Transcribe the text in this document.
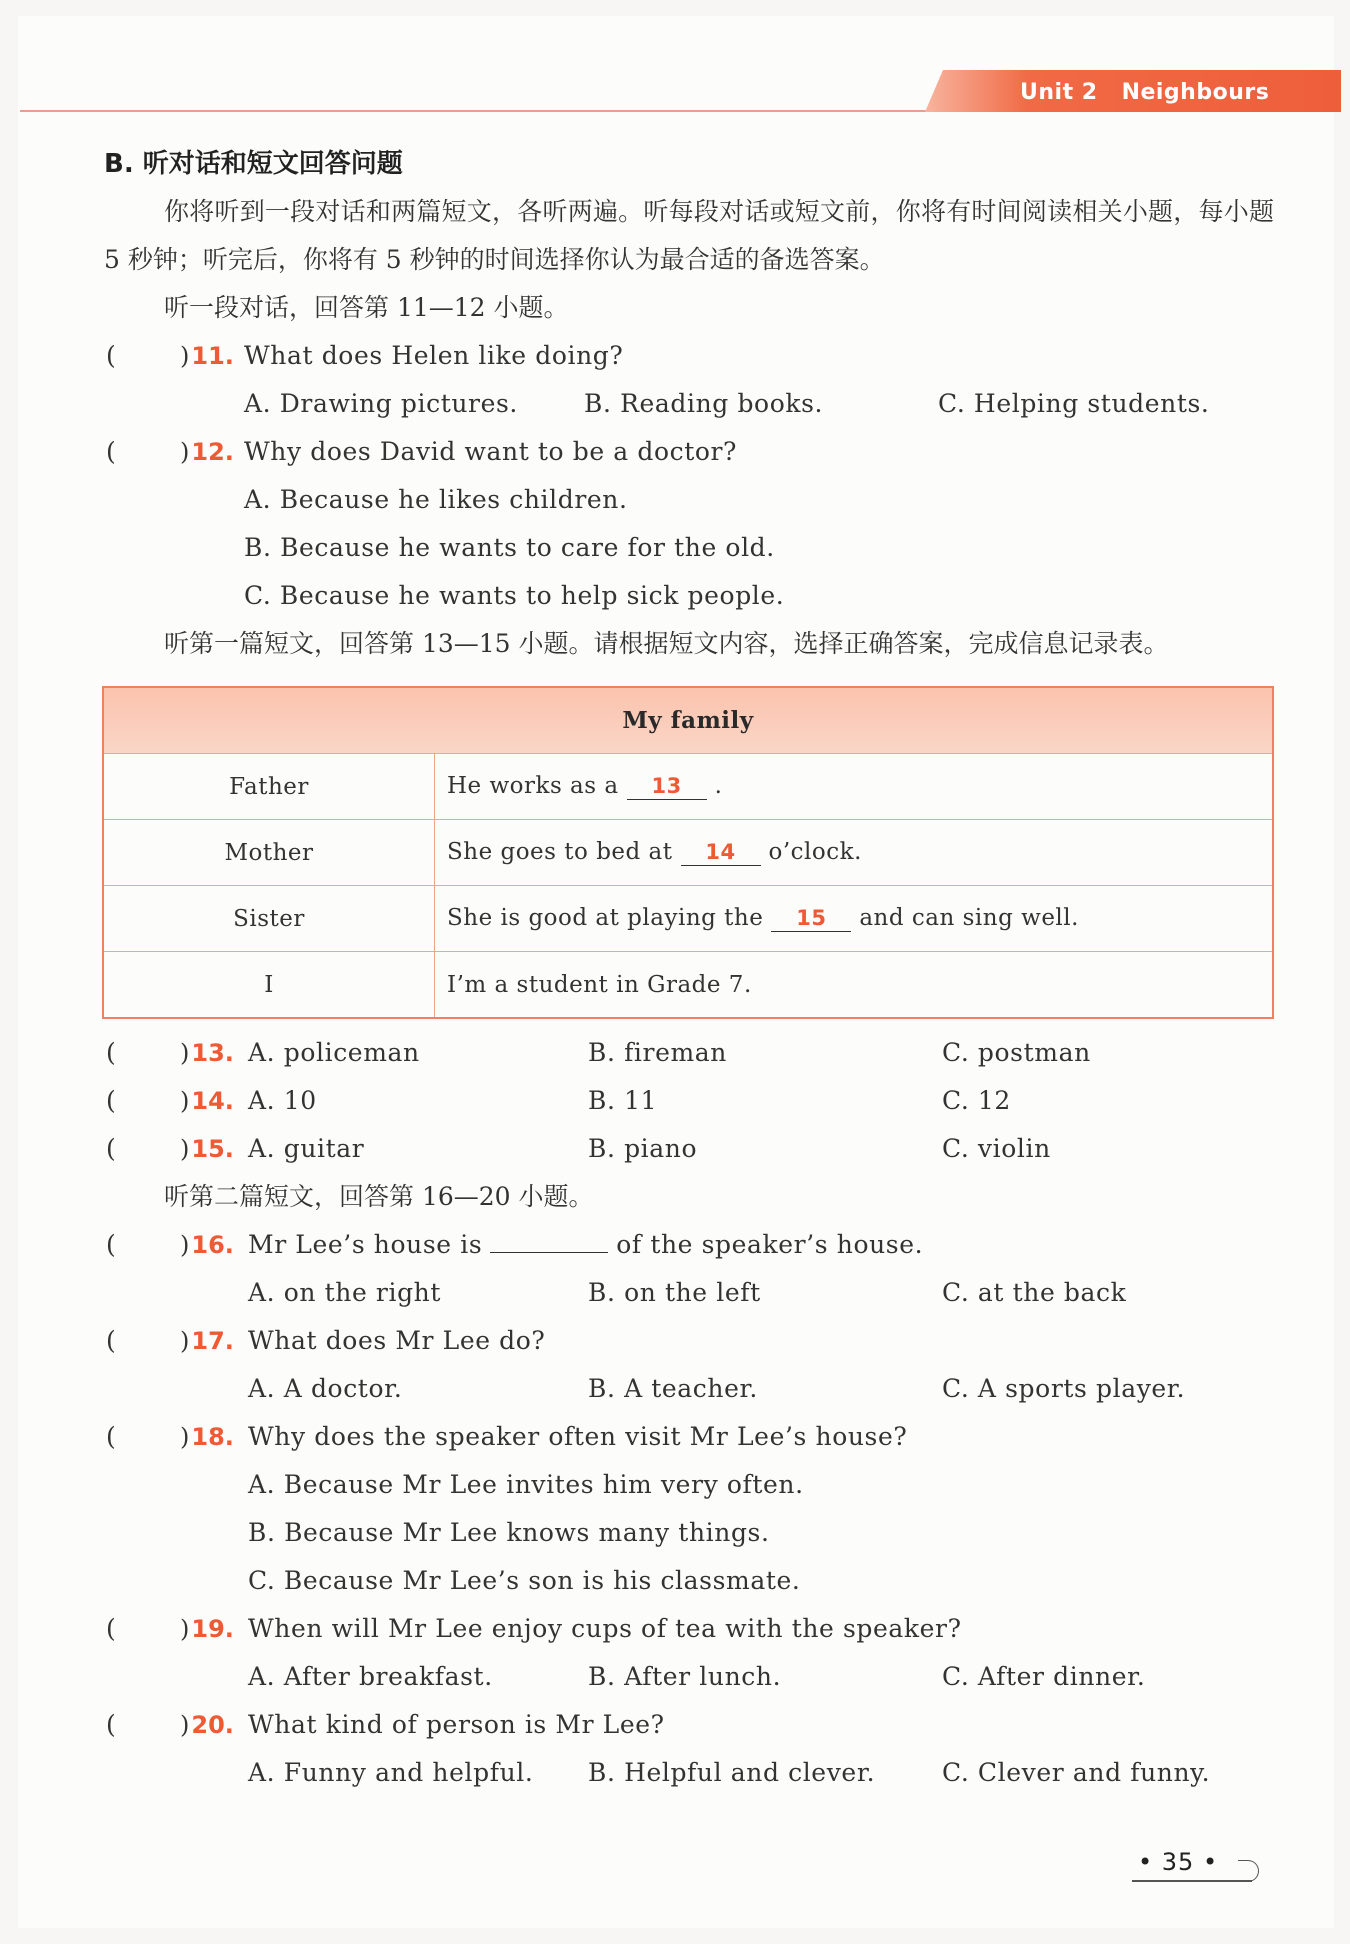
Unit 2 Neighbours
B. 听对话和短文回答问题
你将听到一段对话和两篇短文，各听两遍。听每段对话或短文前，你将有时间阅读相关小题，每小题 5 秒钟；听完后，你将有 5 秒钟的时间选择你认为最合适的备选答案。
听一段对话，回答第 11—12 小题。
(	) 11. What does Helen like doing?
A. Drawing pictures.	B. Reading books.	C. Helping students.
(	) 12. Why does David want to be a doctor?
A. Because he likes children.
B. Because he wants to care for the old.
C. Because he wants to help sick people.
听第一篇短文，回答第 13—15 小题。请根据短文内容，选择正确答案，完成信息记录表。
My family	
Father	He works as a 13 .
Mother	She goes to bed at 14 o’clock.
Sister	She is good at playing the 15 and can sing well.
I	I’m a student in Grade 7.
(	) 13. A. policeman	B. fireman	C. postman
(	) 14. A. 10	B. 11	C. 12
(	) 15. A. guitar	B. piano	C. violin
听第二篇短文，回答第 16—20 小题。
(	) 16. Mr Lee’s house is	of the speaker’s house.
A. on the right	B. on the left	C. at the back
(	) 17. What does Mr Lee do?
A. A doctor.	B. A teacher.	C. A sports player.
(	) 18. Why does the speaker often visit Mr Lee’s house?
A. Because Mr Lee invites him very often.
B. Because Mr Lee knows many things.
C. Because Mr Lee’s son is his classmate.
(	) 19. When will Mr Lee enjoy cups of tea with the speaker?
A. After breakfast.	B. After lunch.	C. After dinner.
(	) 20. What kind of person is Mr Lee?
A. Funny and helpful. B. Helpful and clever.	C. Clever and funny.
• 35 •
